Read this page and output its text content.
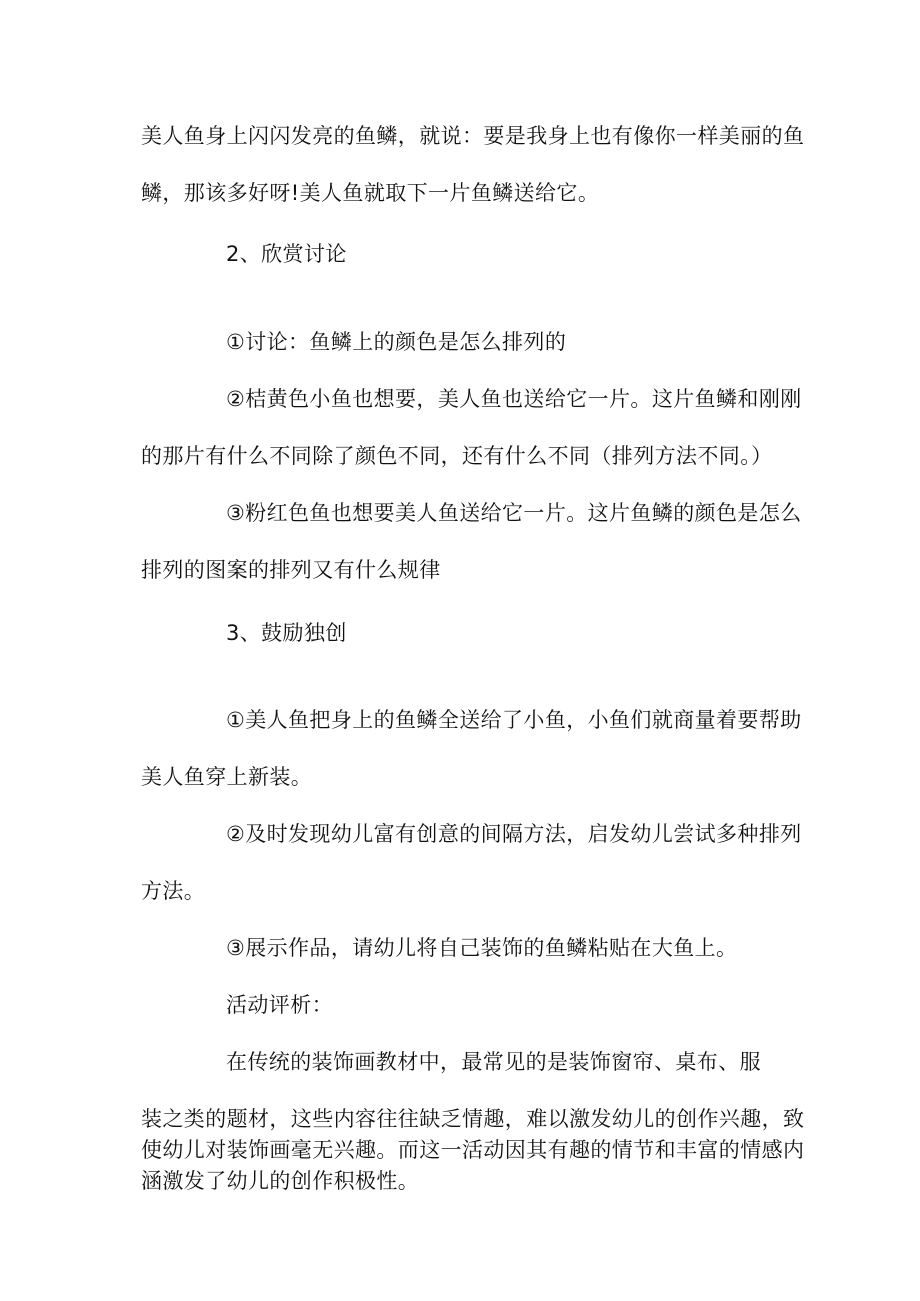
美人鱼身上闪闪发亮的鱼鳞，就说：要是我身上也有像你一样美丽的鱼
鳞，那该多好呀!美人鱼就取下一片鱼鳞送给它。
2、欣赏讨论
①讨论：鱼鳞上的颜色是怎么排列的
②桔黄色小鱼也想要，美人鱼也送给它一片。这片鱼鳞和刚刚
的那片有什么不同除了颜色不同，还有什么不同（排列方法不同。）
③粉红色鱼也想要美人鱼送给它一片。这片鱼鳞的颜色是怎么
排列的图案的排列又有什么规律
3、鼓励独创
①美人鱼把身上的鱼鳞全送给了小鱼，小鱼们就商量着要帮助
美人鱼穿上新装。
②及时发现幼儿富有创意的间隔方法，启发幼儿尝试多种排列
方法。
③展示作品，请幼儿将自己装饰的鱼鳞粘贴在大鱼上。
活动评析：
在传统的装饰画教材中，最常见的是装饰窗帘、桌布、服
装之类的题材，这些内容往往缺乏情趣，难以激发幼儿的创作兴趣，致
使幼儿对装饰画毫无兴趣。而这一活动因其有趣的情节和丰富的情感内
涵激发了幼儿的创作积极性。
